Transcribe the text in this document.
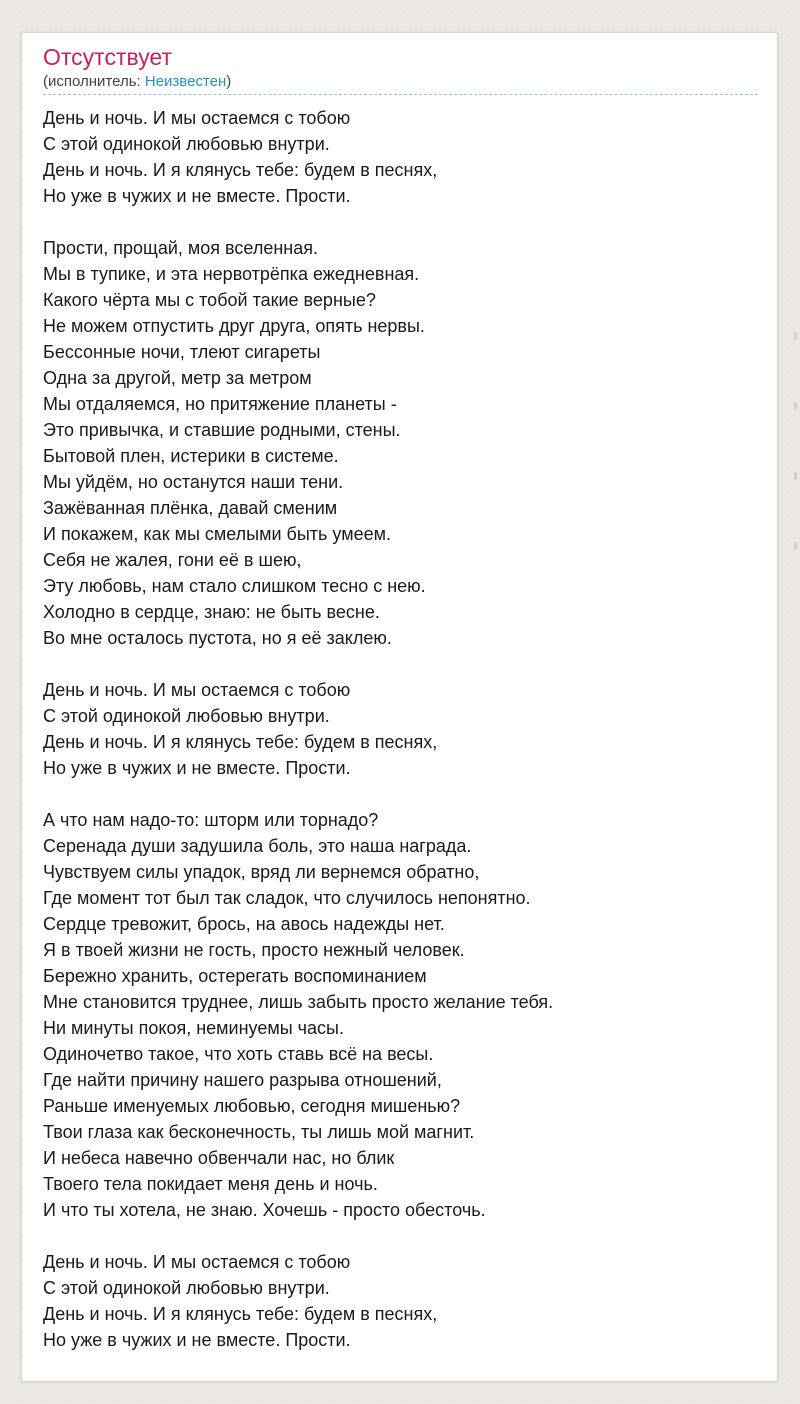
Отсутствует
(исполнитель: Неизвестен)
День и ночь. И мы остаемся с тобою
С этой одинокой любовью внутри.
День и ночь. И я клянусь тебе: будем в песнях,
Но уже в чужих и не вместе. Прости.
Прости, прощай, моя вселенная.
Мы в тупике, и эта нервотрёпка ежедневная.
Какого чёрта мы с тобой такие верные?
Не можем отпустить друг друга, опять нервы.
Бессонные ночи, тлеют сигареты
Одна за другой, метр за метром
Мы отдаляемся, но притяжение планеты -
Это привычка, и ставшие родными, стены.
Бытовой плен, истерики в системе.
Мы уйдём, но останутся наши тени.
Зажёванная плёнка, давай сменим
И покажем, как мы смелыми быть умеем.
Себя не жалея, гони её в шею,
Эту любовь, нам стало слишком тесно с нею.
Холодно в сердце, знаю: не быть весне.
Во мне осталось пустота, но я её заклею.
День и ночь. И мы остаемся с тобою
С этой одинокой любовью внутри.
День и ночь. И я клянусь тебе: будем в песнях,
Но уже в чужих и не вместе. Прости.
А что нам надо-то: шторм или торнадо?
Серенада души задушила боль, это наша награда.
Чувствуем силы упадок, вряд ли вернемся обратно,
Где момент тот был так сладок, что случилось непонятно.
Сердце тревожит, брось, на авось надежды нет.
Я в твоей жизни не гость, просто нежный человек.
Бережно хранить, остерегать воспоминанием
Мне становится труднее, лишь забыть просто желание тебя.
Ни минуты покоя, неминуемы часы.
Одиночетво такое, что хоть ставь всё на весы.
Где найти причину нашего разрыва отношений,
Раньше именуемых любовью, сегодня мишенью?
Твои глаза как бесконечность, ты лишь мой магнит.
И небеса навечно обвенчали нас, но блик
Твоего тела покидает меня день и ночь.
И что ты хотела, не знаю. Хочешь - просто обесточь.
День и ночь. И мы остаемся с тобою
С этой одинокой любовью внутри.
День и ночь. И я клянусь тебе: будем в песнях,
Но уже в чужих и не вместе. Прости.
